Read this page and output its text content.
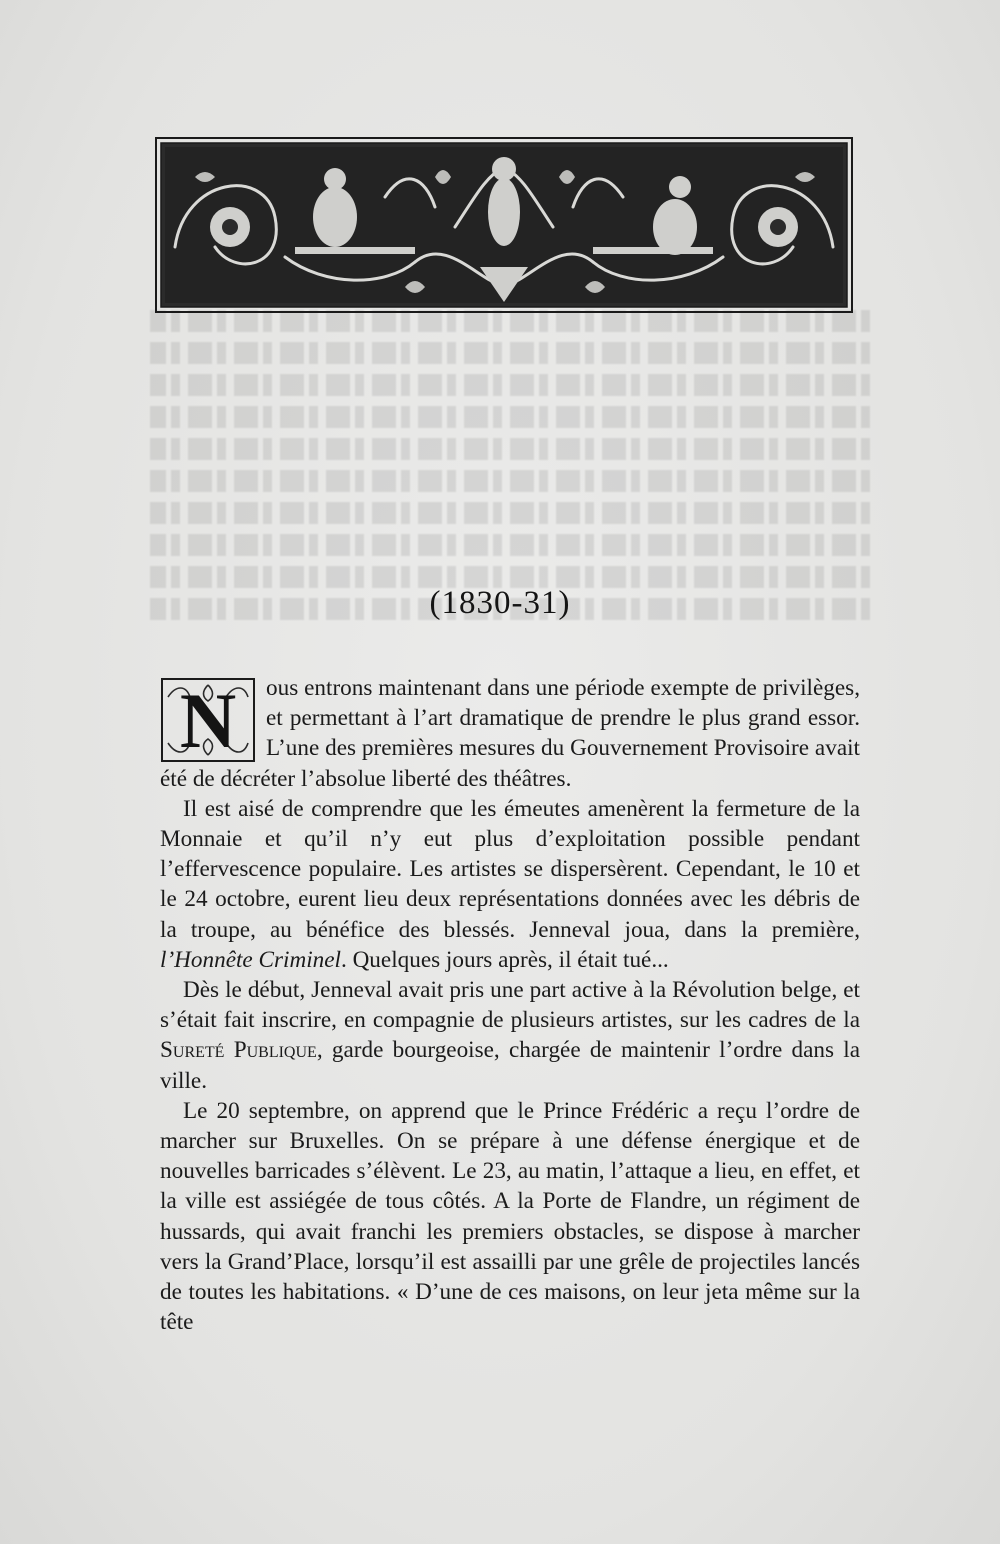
(1830-31)

N ous entrons maintenant dans une période exempte de privilèges, et permettant à l’art dramatique de prendre le plus grand essor. L’une des premières mesures du Gouvernement Provisoire avait été de décréter l’absolue liberté des théâtres.

Il est aisé de comprendre que les émeutes amenèrent la fermeture de la Monnaie et qu’il n’y eut plus d’exploitation possible pendant l’effervescence populaire. Les artistes se dispersèrent. Cependant, le 10 et le 24 octobre, eurent lieu deux représentations données avec les débris de la troupe, au bénéfice des blessés. Jenneval joua, dans la première, l’Honnête Criminel. Quelques jours après, il était tué...

Dès le début, Jenneval avait pris une part active à la Révolution belge, et s’était fait inscrire, en compagnie de plusieurs artistes, sur les cadres de la Sureté Publique, garde bourgeoise, chargée de maintenir l’ordre dans la ville.

Le 20 septembre, on apprend que le Prince Frédéric a reçu l’ordre de marcher sur Bruxelles. On se prépare à une défense énergique et de nouvelles barricades s’élèvent. Le 23, au matin, l’attaque a lieu, en effet, et la ville est assiégée de tous côtés. A la Porte de Flandre, un régiment de hussards, qui avait franchi les premiers obstacles, se dispose à marcher vers la Grand’Place, lorsqu’il est assailli par une grêle de projectiles lancés de toutes les habitations. « D’une de ces maisons, on leur jeta même sur la tête
